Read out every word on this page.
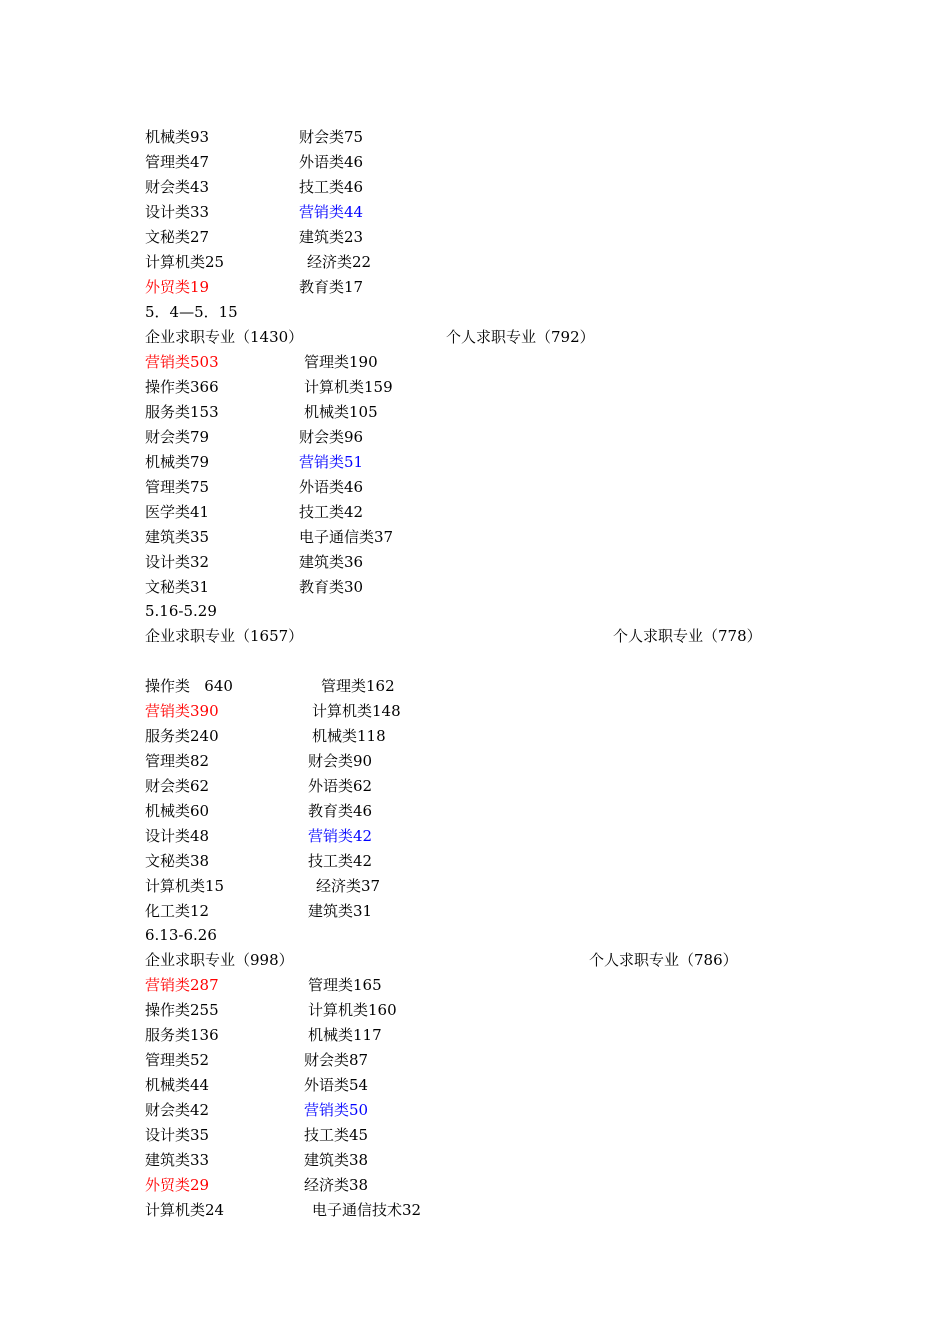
机械类93	财会类75
管理类47	外语类46
财会类43	技工类46
设计类33	营销类44
文秘类27	建筑类23
计算机类25	经济类22
外贸类19	教育类17
5．4—5．15
企业求职专业（1430）	个人求职专业（792）
营销类503	管理类190
操作类366	计算机类159
服务类153	机械类105
财会类79	财会类96
机械类79	营销类51
管理类75	外语类46
医学类41	技工类42
建筑类35	电子通信类37
设计类32	建筑类36
文秘类31	教育类30
5.16-5.29
企业求职专业（1657）	个人求职专业（778）
操作类   640	管理类162
营销类390	计算机类148
服务类240	机械类118
管理类82	财会类90
财会类62	外语类62
机械类60	教育类46
设计类48	营销类42
文秘类38	技工类42
计算机类15	经济类37
化工类12	建筑类31
6.13-6.26
企业求职专业（998）	个人求职专业（786）
营销类287	管理类165
操作类255	计算机类160
服务类136	机械类117
管理类52	财会类87
机械类44	外语类54
财会类42	营销类50
设计类35	技工类45
建筑类33	建筑类38
外贸类29	经济类38
计算机类24	电子通信技术32
